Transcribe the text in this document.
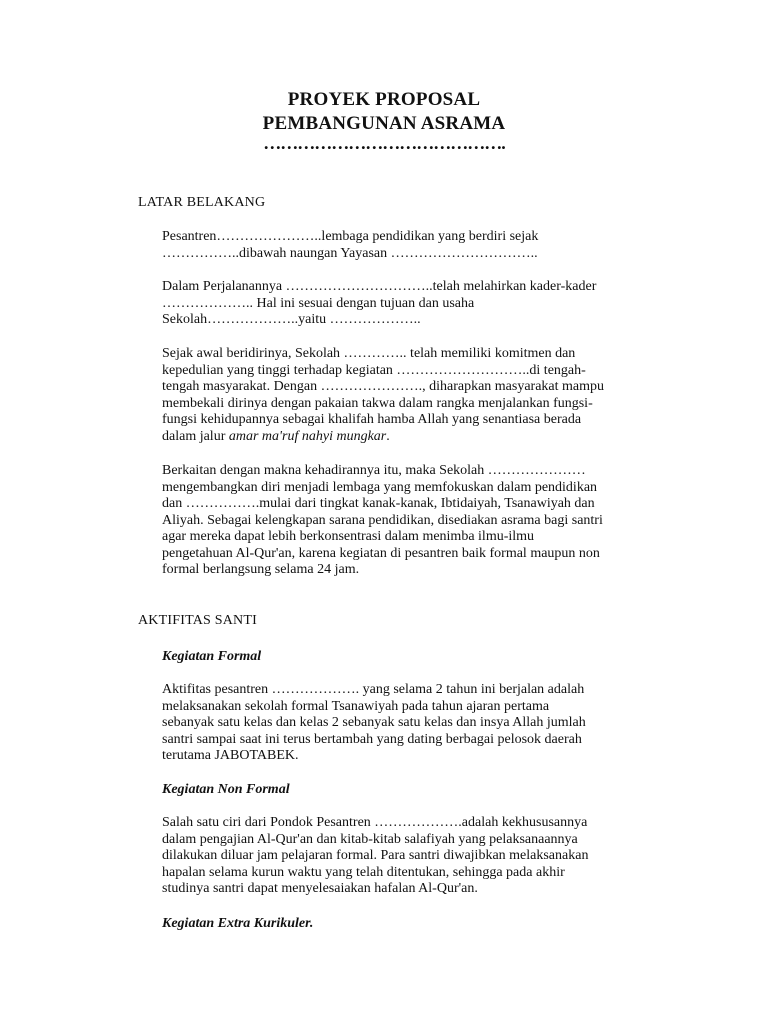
PROYEK PROPOSAL

PEMBANGUNAN ASRAMA

…………………………………….

LATAR BELAKANG

Pesantren…………………..lembaga pendidikan yang berdiri sejak
……………..dibawah naungan Yayasan …………………………..
Dalam Perjalanannya …………………………..telah melahirkan kader-kader
……………….. Hal ini sesuai dengan tujuan dan usaha
Sekolah………………..yaitu ………………..
Sejak awal beridirinya, Sekolah ………….. telah memiliki komitmen dan
kepedulian yang tinggi terhadap kegiatan ………………………..di tengah-
tengah masyarakat. Dengan …………………., diharapkan masyarakat mampu
membekali dirinya dengan pakaian takwa dalam rangka menjalankan fungsi-
fungsi kehidupannya sebagai khalifah hamba Allah yang senantiasa berada
dalam jalur amar ma'ruf nahyi mungkar.
Berkaitan dengan makna kehadirannya itu, maka Sekolah …………………
mengembangkan diri menjadi lembaga yang memfokuskan dalam pendidikan
dan …………….mulai dari tingkat kanak-kanak, Ibtidaiyah, Tsanawiyah dan
Aliyah. Sebagai kelengkapan sarana pendidikan, disediakan asrama bagi santri
agar mereka dapat lebih berkonsentrasi dalam menimba ilmu-ilmu
pengetahuan Al-Qur'an, karena kegiatan di pesantren baik formal maupun non
formal berlangsung selama 24 jam.

AKTIFITAS SANTI

Kegiatan Formal

Aktifitas pesantren ………………. yang selama 2 tahun ini berjalan adalah
melaksanakan sekolah formal Tsanawiyah pada tahun ajaran pertama
sebanyak satu kelas dan kelas 2 sebanyak satu kelas dan insya Allah jumlah
santri sampai saat ini terus bertambah yang dating berbagai pelosok daerah
terutama JABOTABEK.

Kegiatan Non Formal

Salah satu ciri dari Pondok Pesantren ……………….adalah kekhususannya
dalam pengajian Al-Qur'an dan kitab-kitab salafiyah yang pelaksanaannya
dilakukan diluar jam pelajaran formal. Para santri diwajibkan melaksanakan
hapalan selama kurun waktu yang telah ditentukan, sehingga pada akhir
studinya santri dapat menyelesaiakan hafalan Al-Qur'an.

Kegiatan Extra Kurikuler.
